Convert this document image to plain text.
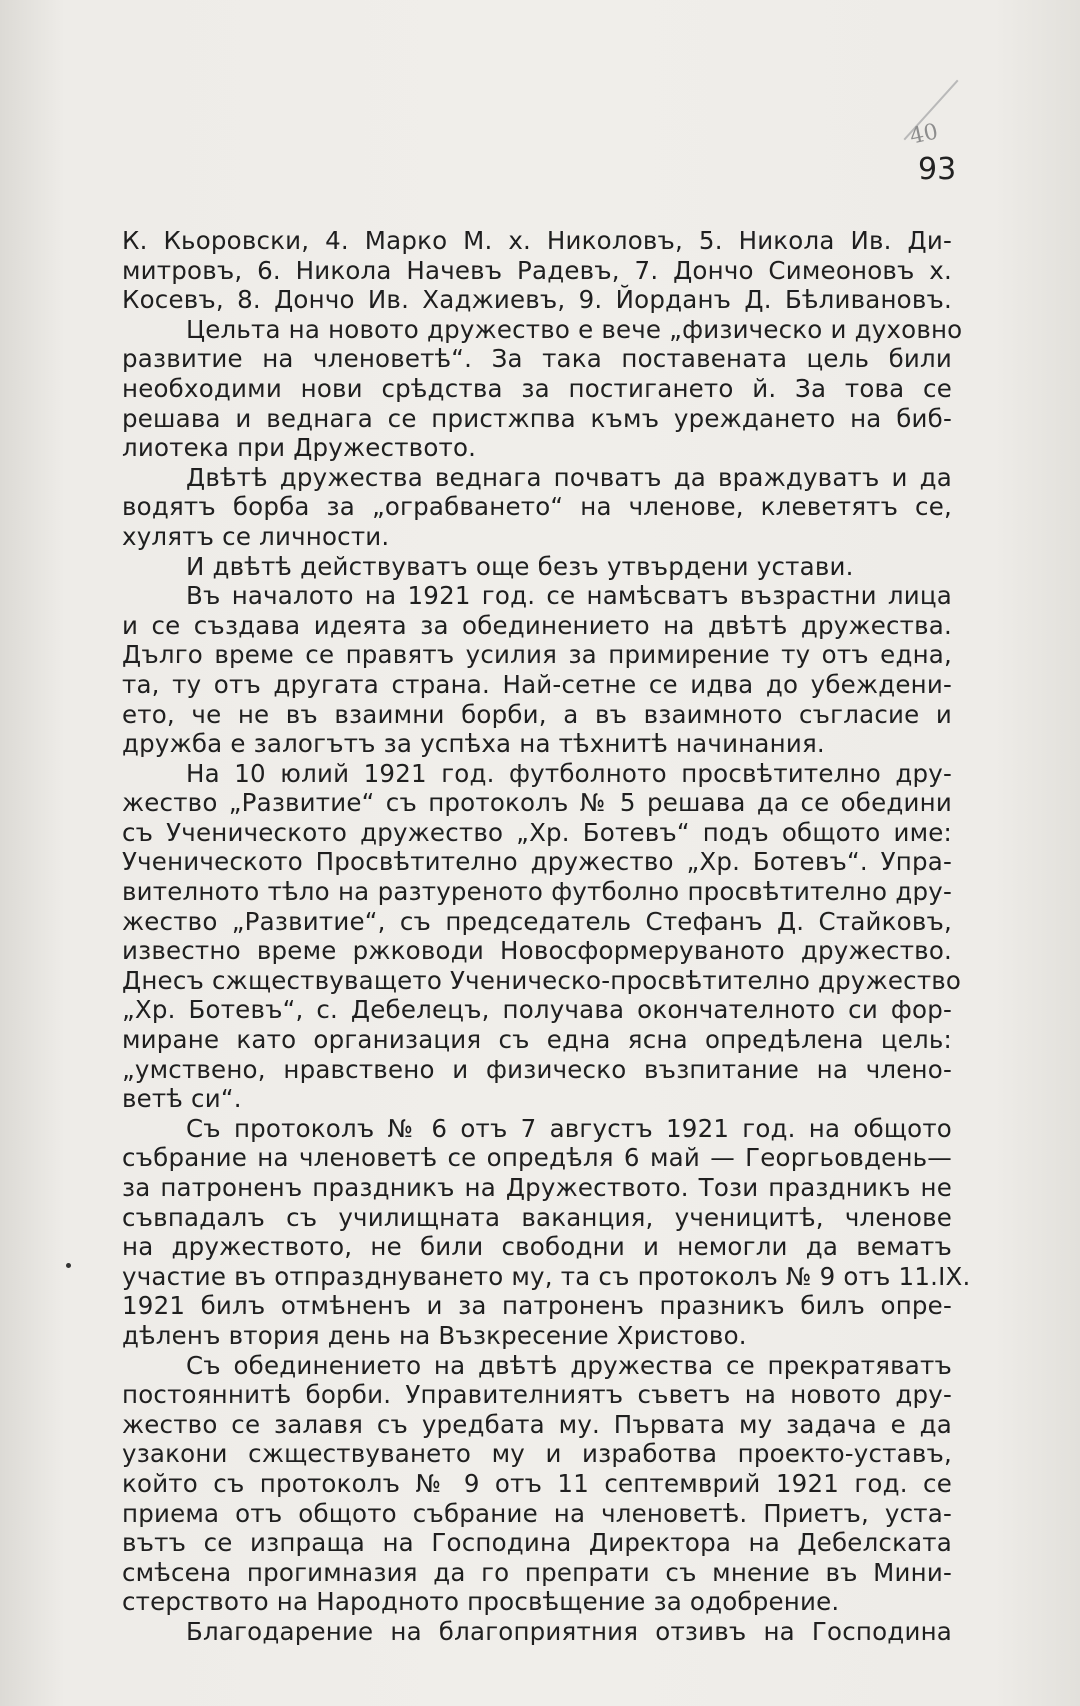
40
93
К. Кьоровски, 4. Марко М. х. Николовъ, 5. Никола Ив. Ди-
митровъ, 6. Никола Начевъ Радевъ, 7. Дончо Симеоновъ х.
Косевъ, 8. Дончо Ив. Хаджиевъ, 9. Йорданъ Д. Бѣливановъ.
Цельта на новото дружество е вече „физическо и духовно
развитие на членоветѣ“. За така поставената цель били
необходими нови срѣдства за постигането й. За това се
решава и веднага се пристжпва къмъ уреждането на биб-
лиотека при Дружеството.
Двѣтѣ дружества веднага почватъ да враждуватъ и да
водятъ борба за „ограбването“ на членове, клеветятъ се,
хулятъ се личности.
И двѣтѣ действуватъ още безъ утвърдени устави.
Въ началото на 1921 год. се намѣсватъ възрастни лица
и се създава идеята за обединението на двѣтѣ дружества.
Дълго време се правятъ усилия за примирение ту отъ една,
та, ту отъ другата страна. Най-сетне се идва до убеждени-
ето, че не въ взаимни борби, а въ взаимното съгласие и
дружба е залогътъ за успѣха на тѣхнитѣ начинания.
На 10 юлий 1921 год. футболното просвѣтително дру-
жество „Развитие“ съ протоколъ № 5 решава да се обедини
съ Ученическото дружество „Хр. Ботевъ“ подъ общото име:
Ученическото Просвѣтително дружество „Хр. Ботевъ“. Упра-
вителното тѣло на разтуреното футболно просвѣтително дру-
жество „Развитие“, съ председатель Стефанъ Д. Стайковъ,
известно време ржководи Новосформеруваното дружество.
Днесъ сжществуващето Ученическо-просвѣтително дружество
„Хр. Ботевъ“, с. Дебелецъ, получава окончателното си фор-
миране като организация съ една ясна опредѣлена цель:
„умствено, нравствено и физическо възпитание на члено-
ветѣ си“.
Съ протоколъ № 6 отъ 7 августъ 1921 год. на общото
събрание на членоветѣ се опредѣля 6 май — Георгьовдень—
за патроненъ праздникъ на Дружеството. Този праздникъ не
съвпадалъ съ училищната ваканция, ученицитѣ, членове
на дружеството, не били свободни и немогли да вематъ
участие въ отпразднуването му, та съ протоколъ № 9 отъ 11.IX.
1921 билъ отмѣненъ и за патроненъ празникъ билъ опре-
дѣленъ втория день на Възкресение Христово.
Съ обединението на двѣтѣ дружества се прекратяватъ
постояннитѣ борби. Управителниятъ съветъ на новото дру-
жество се залавя съ уредбата му. Първата му задача е да
узакони сжществуването му и изработва проекто-уставъ,
който съ протоколъ № 9 отъ 11 септемврий 1921 год. се
приема отъ общото събрание на членоветѣ. Приетъ, уста-
вътъ се изпраща на Господина Директора на Дебелската
смѣсена прогимназия да го препрати съ мнение въ Мини-
стерството на Народното просвѣщение за одобрение.
Благодарение на благоприятния отзивъ на Господина
